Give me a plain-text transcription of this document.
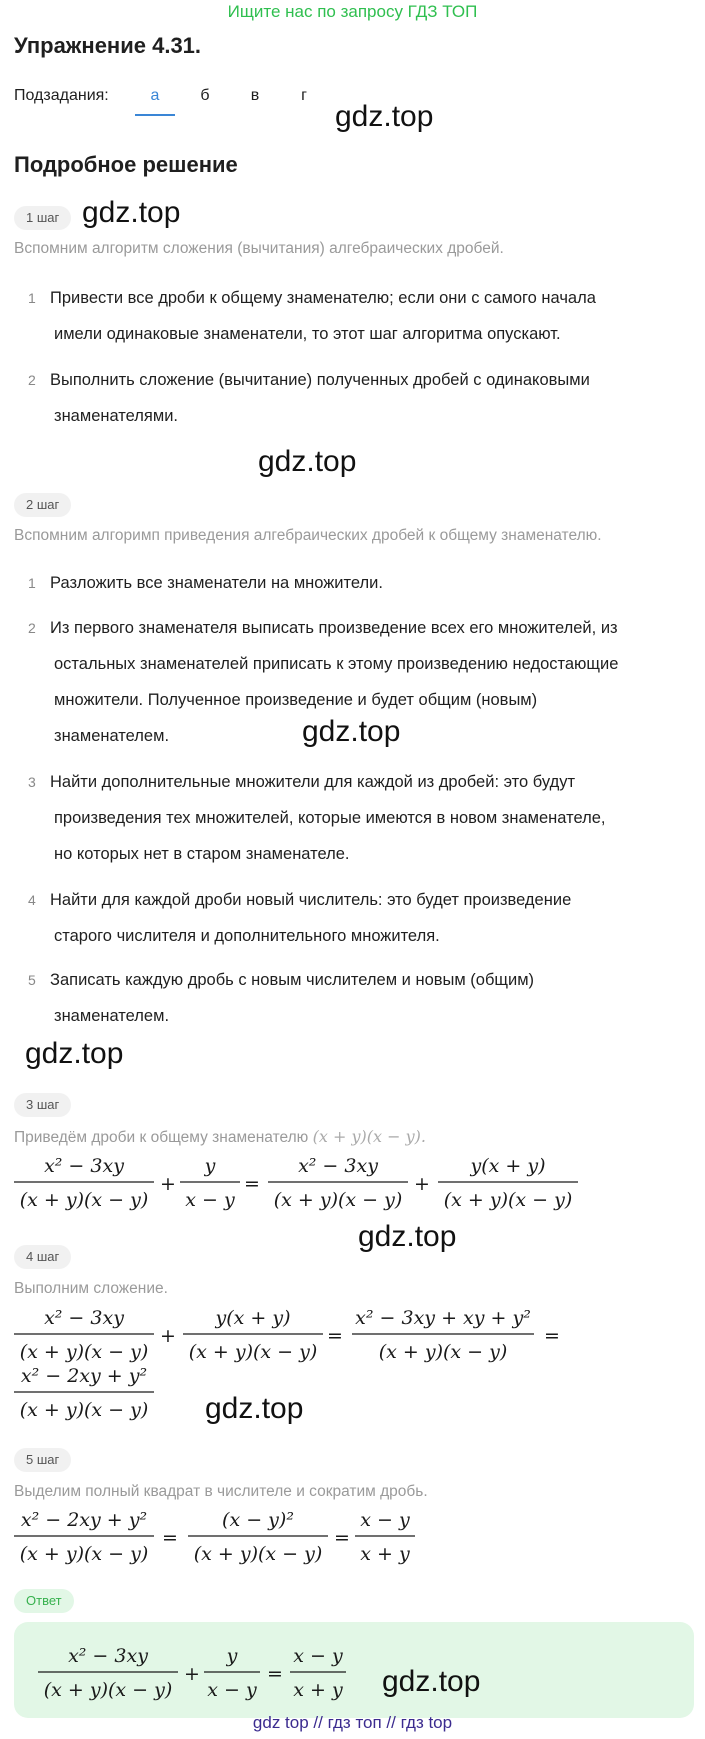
Ищите нас по запросу ГДЗ ТОП
Упражнение 4.31.
Подзадания:	а	б	в	г
gdz.top
Подробное решение
1 шаг gdz.top
Вспомним алгоритм сложения (вычитания) алгебраических дробей.
1 Привести все дроби к общему знаменателю; если они с самого начала
имели одинаковые знаменатели, то этот шаг алгоритма опускают.
2 Выполнить сложение (вычитание) полученных дробей с одинаковыми
знаменателями.
gdz.top
2 шаг
Вспомним алгоримп приведения алгебраических дробей к общему знаменателю.
1 Разложить все знаменатели на множители.
2 Из первого знаменателя выписать произведение всех его множителей, из
остальных знаменателей приписать к этому произведению недостающие
множители. Полученное произведение и будет общим (новым)
знаменателем.	gdz.top
3 Найти дополнительные множители для каждой из дробей: это будут
произведения тех множителей, которые имеются в новом знаменателе,
но которых нет в старом знаменателе.
4 Найти для каждой дроби новый числитель: это будет произведение
старого числителя и дополнительного множителя.
5 Записать каждую дробь с новым числителем и новым (общим)
знаменателем.
gdz.top
3 шаг
Приведём дроби к общему знаменателю (x + y)(x − y).
x² − 3xy
(x + y)(x − y)
+
y
x − y
=
x² − 3xy
(x + y)(x − y)
+
y(x + y)
(x + y)(x − y)
gdz.top
4 шаг
Выполним сложение.
x² − 3xy
(x + y)(x − y)
+
y(x + y)
(x + y)(x − y)
=
x² − 3xy + xy + y²
(x + y)(x − y)
=
x² − 2xy + y²
(x + y)(x − y) gdz.top
5 шаг
Выделим полный квадрат в числителе и сократим дробь.
x² − 2xy + y²
(x + y)(x − y)
=
(x − y)²
(x + y)(x − y)
=
x − y
x + y
Ответ
x² − 3xy
(x + y)(x − y)
+
y
x − y
=
x − y
x + y gdz.top
gdz top // гдз топ // гдз top
